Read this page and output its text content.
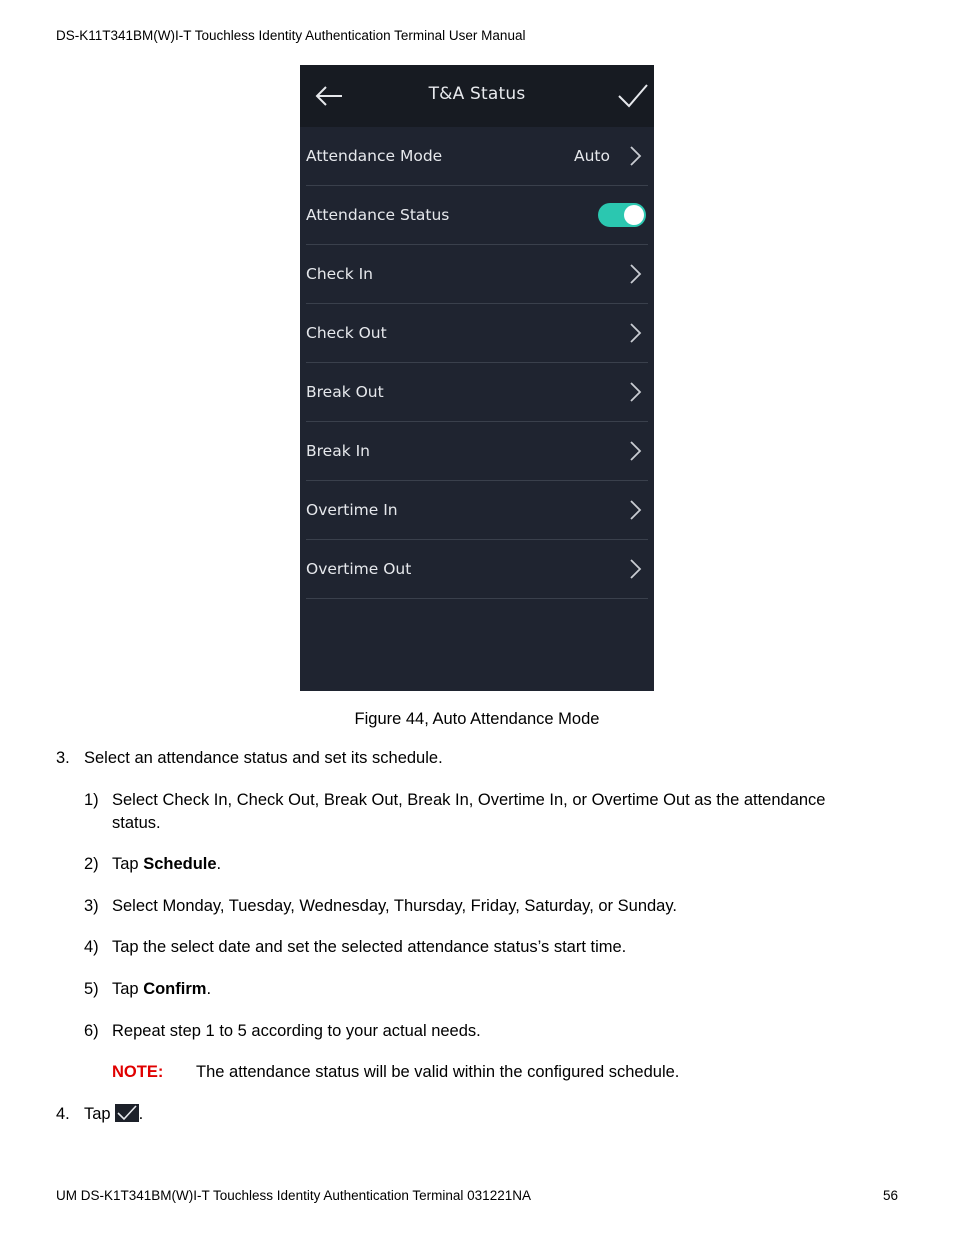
DS-K11T341BM(W)I-T Touchless Identity Authentication Terminal User Manual
T&A Status
Attendance Mode	Auto
Attendance Status
Check In
Check Out
Break Out
Break In
Overtime In
Overtime Out
Figure 44, Auto Attendance Mode
3. Select an attendance status and set its schedule.
1) Select Check In, Check Out, Break Out, Break In, Overtime In, or Overtime Out as the attendance
status.
2) Tap Schedule.
3) Select Monday, Tuesday, Wednesday, Thursday, Friday, Saturday, or Sunday.
4) Tap the select date and set the selected attendance status’s start time.
5) Tap Confirm.
6) Repeat step 1 to 5 according to your actual needs.
NOTE: The attendance status will be valid within the configured schedule.
4. Tap .
UM DS-K1T341BM(W)I-T Touchless Identity Authentication Terminal 031221NA	56
